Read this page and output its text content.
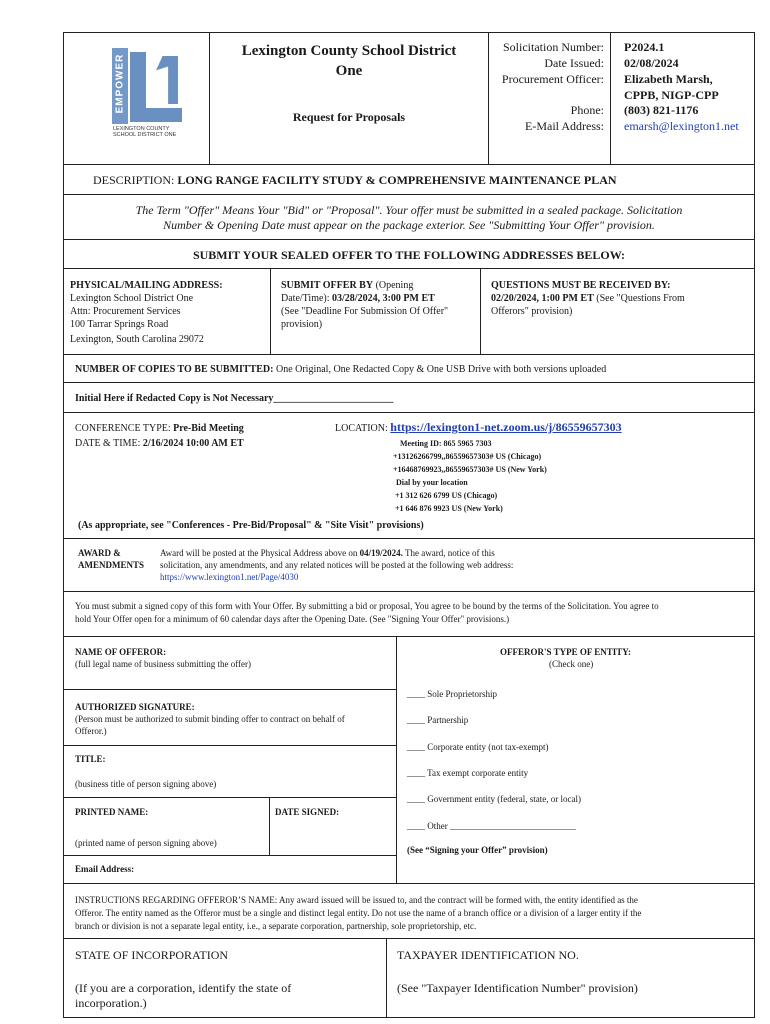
EMPOWER
LEXINGTON COUNTY
SCHOOL DISTRICT ONE
Lexington County School District
One
Request for Proposals
Solicitation Number:
Date Issued:
Procurement Officer:
Phone:
E-Mail Address:
P2024.1
02/08/2024
Elizabeth Marsh,
CPPB, NIGP-CPP
(803) 821-1176
emarsh@lexington1.net
DESCRIPTION: LONG RANGE FACILITY STUDY & COMPREHENSIVE MAINTENANCE PLAN
The Term "Offer" Means Your "Bid" or "Proposal". Your offer must be submitted in a sealed package. Solicitation
Number & Opening Date must appear on the package exterior. See "Submitting Your Offer" provision.
SUBMIT YOUR SEALED OFFER TO THE FOLLOWING ADDRESSES BELOW:
PHYSICAL/MAILING ADDRESS:
Lexington School District One
Attn: Procurement Services
100 Tarrar Springs Road
Lexington, South Carolina 29072
SUBMIT OFFER BY (Opening
Date/Time): 03/28/2024, 3:00 PM ET
(See "Deadline For Submission Of Offer"
provision)
QUESTIONS MUST BE RECEIVED BY:
02/20/2024, 1:00 PM ET (See "Questions From
Offerors" provision)
NUMBER OF COPIES TO BE SUBMITTED: One Original, One Redacted Copy & One USB Drive with both versions uploaded
Initial Here if Redacted Copy is Not Necessary________________________
CONFERENCE TYPE: Pre-Bid Meeting
DATE & TIME: 2/16/2024 10:00 AM ET
LOCATION: https://lexington1-net.zoom.us/j/86559657303
Meeting ID: 865 5965 7303
+13126266799,,86559657303# US (Chicago)
+16468769923,,86559657303# US (New York)
Dial by your location
+1 312 626 6799 US (Chicago)
+1 646 876 9923 US (New York)
(As appropriate, see "Conferences - Pre-Bid/Proposal" & "Site Visit" provisions)
AWARD &
AMENDMENTS
Award will be posted at the Physical Address above on 04/19/2024. The award, notice of this
solicitation, any amendments, and any related notices will be posted at the following web address:
https://www.lexington1.net/Page/4030
You must submit a signed copy of this form with Your Offer. By submitting a bid or proposal, You agree to be bound by the terms of the Solicitation. You agree to
hold Your Offer open for a minimum of 60 calendar days after the Opening Date. (See "Signing Your Offer" provisions.)
NAME OF OFFEROR:
(full legal name of business submitting the offer)
AUTHORIZED SIGNATURE:
(Person must be authorized to submit binding offer to contract on behalf of
Offeror.)
TITLE:
(business title of person signing above)
PRINTED NAME:
(printed name of person signing above)
DATE SIGNED:
Email Address:
OFFEROR'S TYPE OF ENTITY:
(Check one)
____ Sole Proprietorship
____ Partnership
____ Corporate entity (not tax-exempt)
____ Tax exempt corporate entity
____ Government entity (federal, state, or local)
____ Other ____________________________
(See “Signing your Offer” provision)
INSTRUCTIONS REGARDING OFFEROR’S NAME: Any award issued will be issued to, and the contract will be formed with, the entity identified as the
Offeror. The entity named as the Offeror must be a single and distinct legal entity. Do not use the name of a branch office or a division of a larger entity if the
branch or division is not a separate legal entity, i.e., a separate corporation, partnership, sole proprietorship, etc.
STATE OF INCORPORATION
(If you are a corporation, identify the state of
incorporation.)
TAXPAYER IDENTIFICATION NO.
(See "Taxpayer Identification Number" provision)
